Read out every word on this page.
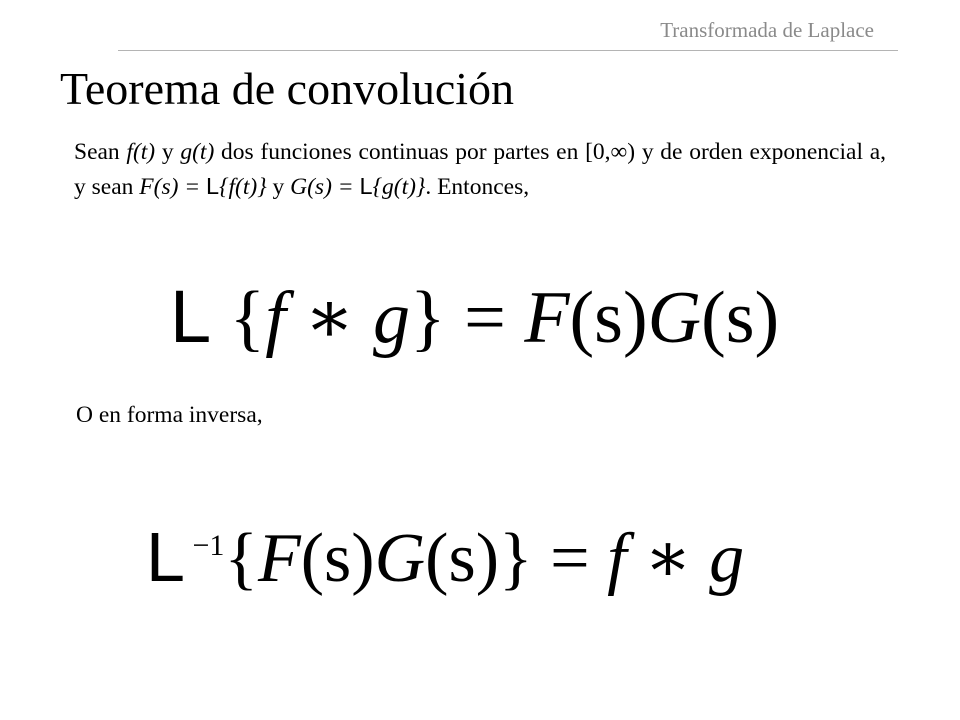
Transformada de Laplace
Teorema de convolución

Sean f(t) y g(t) dos funciones continuas por partes en [0,∞) y de orden exponencial a, y sean F(s) = L{f(t)} y G(s) = L{g(t)}. Entonces,

L {f ∗ g} = F(s)G(s)

O en forma inversa,

L $^{-1}${F(s)G(s)} = f ∗ g
